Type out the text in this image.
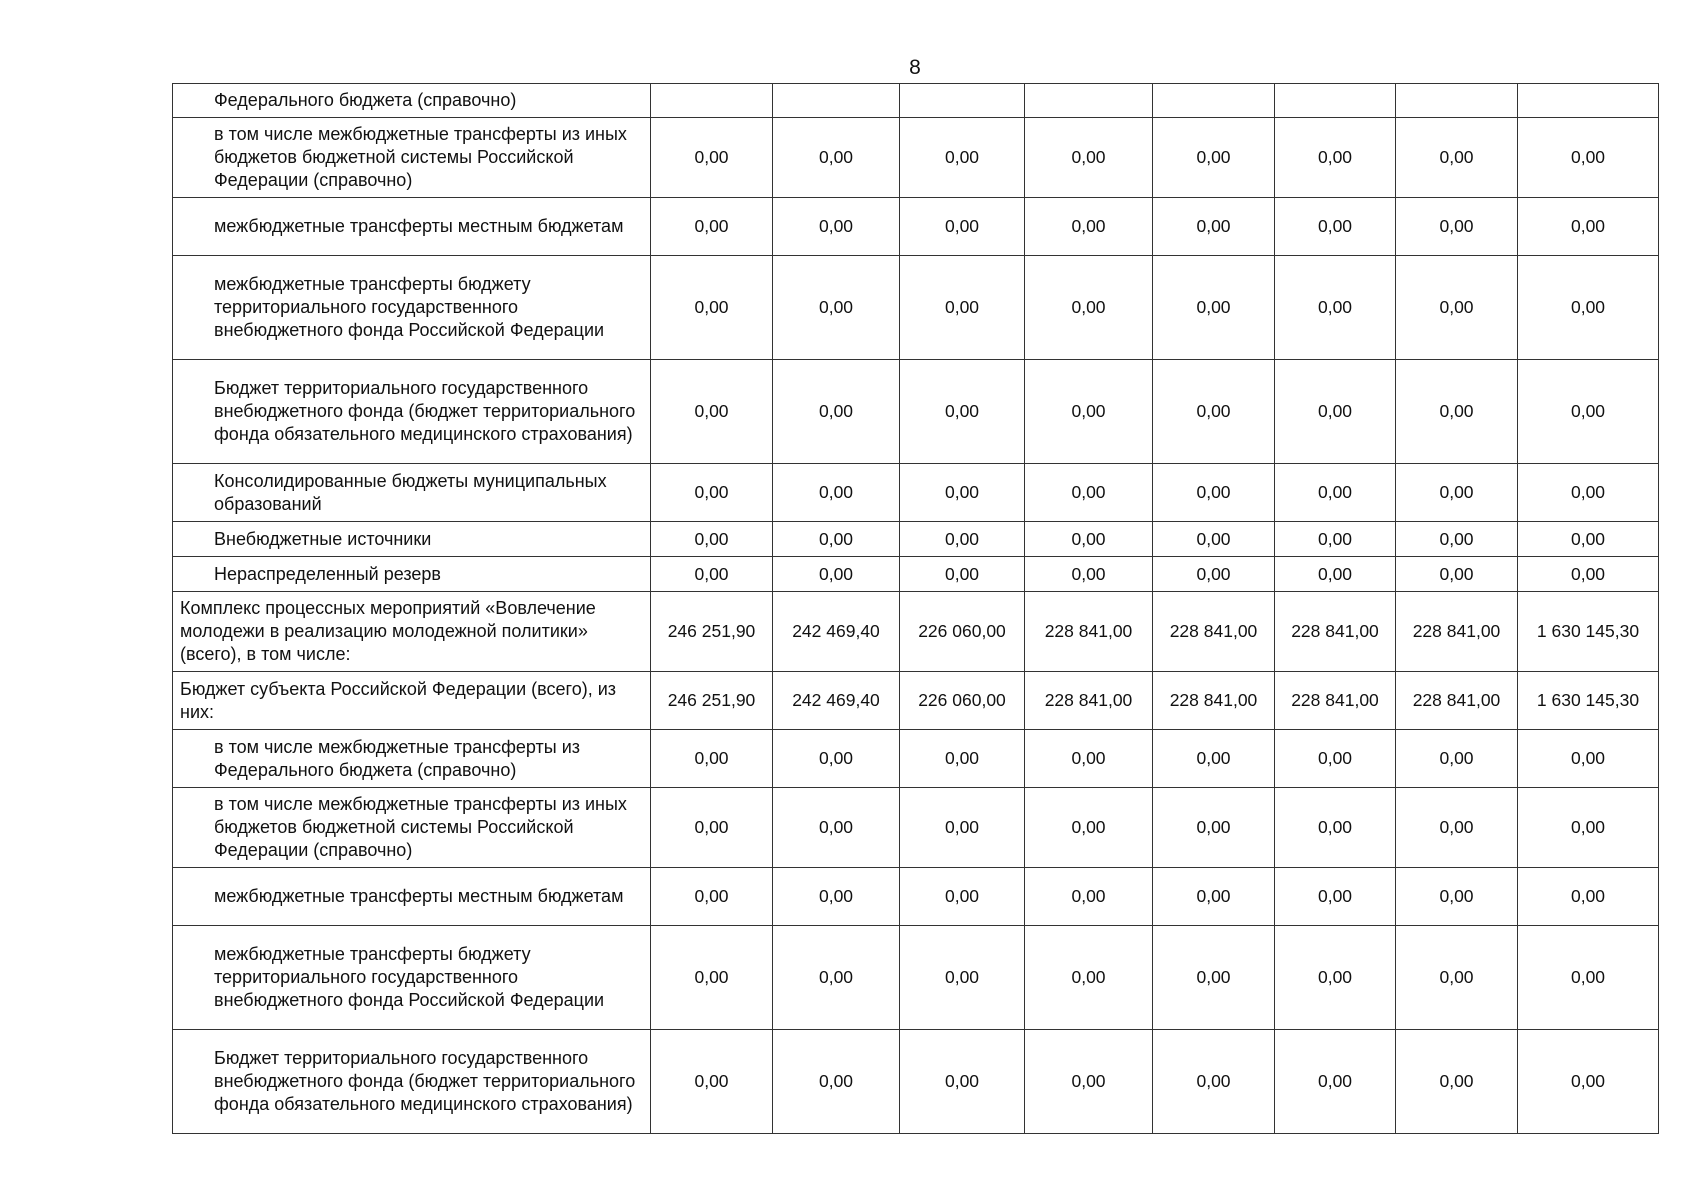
8
Федерального бюджета (справочно)								
в том числе межбюджетные трансферты из иных бюджетов бюджетной системы Российской Федерации (справочно)	0,00	0,00	0,00	0,00	0,00	0,00	0,00	0,00
межбюджетные трансферты местным бюджетам	0,00	0,00	0,00	0,00	0,00	0,00	0,00	0,00
межбюджетные трансферты бюджету территориального государственного внебюджетного фонда Российской Федерации	0,00	0,00	0,00	0,00	0,00	0,00	0,00	0,00
Бюджет территориального государственного внебюджетного фонда (бюджет территориального фонда обязательного медицинского страхования)	0,00	0,00	0,00	0,00	0,00	0,00	0,00	0,00
Консолидированные бюджеты муниципальных образований	0,00	0,00	0,00	0,00	0,00	0,00	0,00	0,00
Внебюджетные источники	0,00	0,00	0,00	0,00	0,00	0,00	0,00	0,00
Нераспределенный резерв	0,00	0,00	0,00	0,00	0,00	0,00	0,00	0,00
Комплекс процессных мероприятий «Вовлечение молодежи в реализацию молодежной политики» (всего), в том числе:	246 251,90	242 469,40	226 060,00	228 841,00	228 841,00	228 841,00	228 841,00	1 630 145,30
Бюджет субъекта Российской Федерации (всего), из них:	246 251,90	242 469,40	226 060,00	228 841,00	228 841,00	228 841,00	228 841,00	1 630 145,30
в том числе межбюджетные трансферты из Федерального бюджета (справочно)	0,00	0,00	0,00	0,00	0,00	0,00	0,00	0,00
в том числе межбюджетные трансферты из иных бюджетов бюджетной системы Российской Федерации (справочно)	0,00	0,00	0,00	0,00	0,00	0,00	0,00	0,00
межбюджетные трансферты местным бюджетам	0,00	0,00	0,00	0,00	0,00	0,00	0,00	0,00
межбюджетные трансферты бюджету территориального государственного внебюджетного фонда Российской Федерации	0,00	0,00	0,00	0,00	0,00	0,00	0,00	0,00
Бюджет территориального государственного внебюджетного фонда (бюджет территориального фонда обязательного медицинского страхования)	0,00	0,00	0,00	0,00	0,00	0,00	0,00	0,00
